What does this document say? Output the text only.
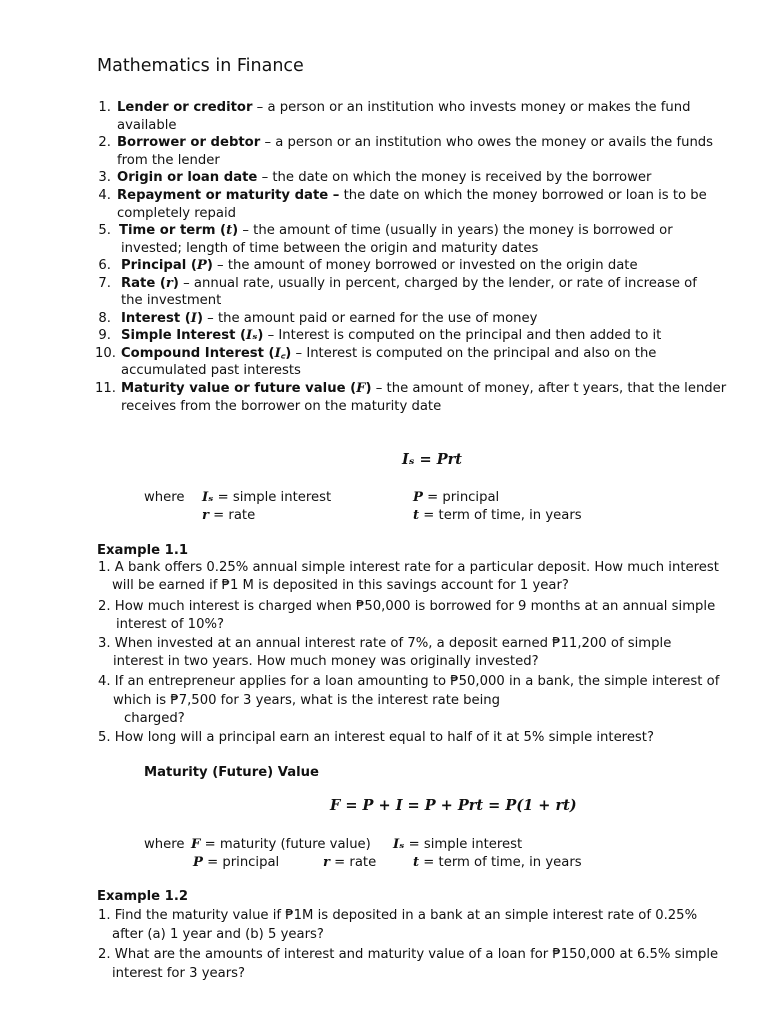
Mathematics in Finance
1. Lender or creditor – a person or an institution who invests money or makes the fund
available
2. Borrower or debtor – a person or an institution who owes the money or avails the funds
from the lender
3. Origin or loan date – the date on which the money is received by the borrower
4. Repayment or maturity date – the date on which the money borrowed or loan is to be
completely repaid
5. Time or term (t) – the amount of time (usually in years) the money is borrowed or
invested; length of time between the origin and maturity dates
6. Principal (P) – the amount of money borrowed or invested on the origin date
7. Rate (r) – annual rate, usually in percent, charged by the lender, or rate of increase of
the investment
8. Interest (I) – the amount paid or earned for the use of money
9. Simple Interest (Iₛ) – Interest is computed on the principal and then added to it
10. Compound Interest (I꜀) – Interest is computed on the principal and also on the
accumulated past interests
11. Maturity value or future value (F) – the amount of money, after t years, that the lender
receives from the borrower on the maturity date
Iₛ = Prt
where Iₛ = simple interest	P = principal
r = rate	t = term of time, in years
Example 1.1
1. A bank offers 0.25% annual simple interest rate for a particular deposit. How much interest
will be earned if ₱1 M is deposited in this savings account for 1 year?
2. How much interest is charged when ₱50,000 is borrowed for 9 months at an annual simple
interest of 10%?
3. When invested at an annual interest rate of 7%, a deposit earned ₱11,200 of simple
interest in two years. How much money was originally invested?
4. If an entrepreneur applies for a loan amounting to ₱50,000 in a bank, the simple interest of
which is ₱7,500 for 3 years, what is the interest rate being
charged?
5. How long will a principal earn an interest equal to half of it at 5% simple interest?
Maturity (Future) Value
F = P + I = P + Prt = P(1 + rt)
where F = maturity (future value) Iₛ = simple interest
P = principal	r = rate	t = term of time, in years
Example 1.2
1. Find the maturity value if ₱1M is deposited in a bank at an simple interest rate of 0.25%
after (a) 1 year and (b) 5 years?
2. What are the amounts of interest and maturity value of a loan for ₱150,000 at 6.5% simple
interest for 3 years?
